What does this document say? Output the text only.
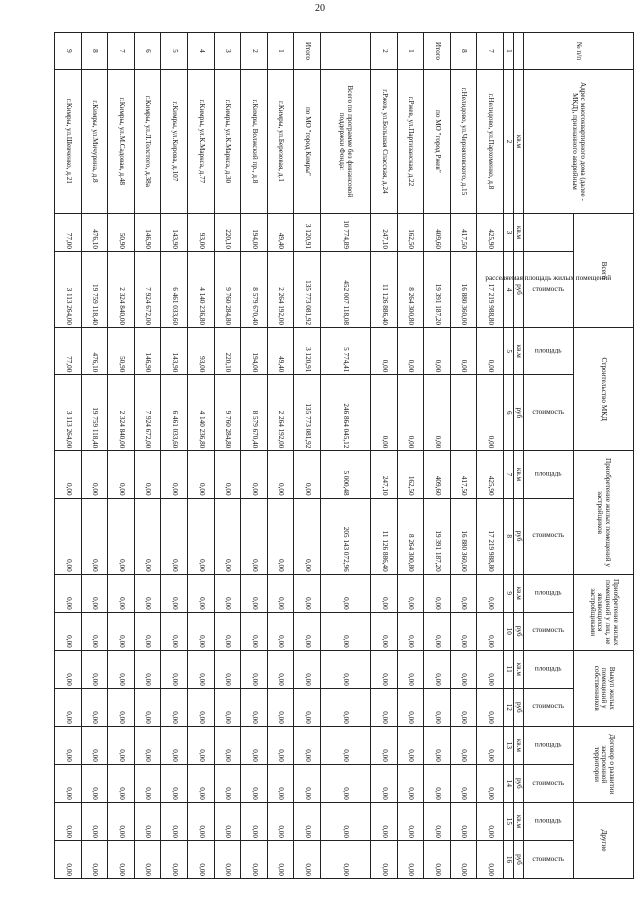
20
№ п/п	Адрес многоквартирного дома (далее - МКД), признанного аварийным	Всего		Строительство МКД		Приобретение жилых помещений у застройщиков		Приобретение жилых помещений у лиц, не являющихся застройщиками		Выкуп жилых помещений у собственников		Договор о развитии застроенной территории		Другие	
		расселяемая площадь жилых помещений	стоимость	площадь	стоимость	площадь	стоимость	площадь	стоимость	площадь	стоимость	площадь	стоимость	площадь	стоимость
	кв.м	кв.м	руб	кв.м	руб	кв.м	руб	кв.м	руб	кв.м	руб	кв.м	руб	кв.м	руб
1	2	3	4	5	6	7	8	9	10	11	12	13	14	15	16
7	г.Нелидово, ул.Пархоменко, д.8	425,90	17 219 988,80	0,00	0,00	425,90	17 219 988,80	0,00	0,00	0,00	0,00	0,00	0,00	0,00	0,00
8	г.Нелидово, ул.Черняховского, д.15	417,50	16 880 360,00	0,00		417,50	16 880 360,00	0,00	0,00	0,00	0,00	0,00	0,00	0,00	0,00
Итого	по МО "город Ржев"	409,60	19 391 187,20	0,00	0,00	409,60	19 391 187,20	0,00	0,00	0,00	0,00	0,00	0,00	0,00	0,00
1	г.Ржев, ул.Партизанская, д.22	162,50	8 264 300,80	0,00	0,00	162,50	8 264 300,80	0,00	0,00	0,00	0,00	0,00	0,00	0,00	0,00
2	г.Ржев, ул.Большая Спасская, д.24	247,10	11 126 886,40	0,00	0,00	247,10	11 126 886,40	0,00	0,00	0,00	0,00	0,00	0,00	0,00	0,00
	Всего по программе без финансовой поддержки Фонда:	10 774,89	452 007 118,08	5 774,41	246 864 045,12	5 000,48	205 143 072,96	0,00	0,00	0,00	0,00	0,00	0,00	0,00	0,00
Итого	по МО "город Кимры"	3 120,91	135 773 081,92	3 120,91	135 773 081,92	0,00	0,00	0,00	0,00	0,00	0,00	0,00	0,00	0,00	0,00
1	г.Кимры, ул.Березовая, д.1	49,40	2 264 192,00	49,40	2 264 192,00	0,00	0,00	0,00	0,00	0,00	0,00	0,00	0,00	0,00	0,00
2	г.Кимры, Волжский пр., д.8	194,00	8 579 670,40	194,00	8 579 670,40	0,00	0,00	0,00	0,00	0,00	0,00	0,00	0,00	0,00	0,00
3	г.Кимры, ул.К.Маркса, д.30	220,10	9 760 284,80	220,10	9 760 284,80	0,00	0,00	0,00	0,00	0,00	0,00	0,00	0,00	0,00	0,00
4	г.Кимры, ул.К.Маркса, д.77	93,00	4 140 236,80	93,00	4 140 236,80	0,00	0,00	0,00	0,00	0,00	0,00	0,00	0,00	0,00	0,00
5	г.Кимры, ул.Кирова, д.107	143,90	6 461 033,60	143,90	6 461 033,60	0,00	0,00	0,00	0,00	0,00	0,00	0,00	0,00	0,00	0,00
6	г.Кимры, ул.Л.Толстого, д.38а	146,90	7 924 672,00	146,90	7 924 672,00	0,00	0,00	0,00	0,00	0,00	0,00	0,00	0,00	0,00	0,00
7	г.Кимры, ул.М.Садовая, д.48	50,90	2 324 840,00	50,90	2 324 840,00	0,00	0,00	0,00	0,00	0,00	0,00	0,00	0,00	0,00	0,00
8	г.Кимры, ул.Мичурина, д.8	476,10	19 759 118,40	476,10	19 759 118,40	0,00	0,00	0,00	0,00	0,00	0,00	0,00	0,00	0,00	0,00
9	г.Кимры, ул.Шевченко, д.21	77,00	3 113 264,00	77,00	3 113 264,00	0,00	0,00	0,00	0,00	0,00	0,00	0,00	0,00	0,00	0,00
